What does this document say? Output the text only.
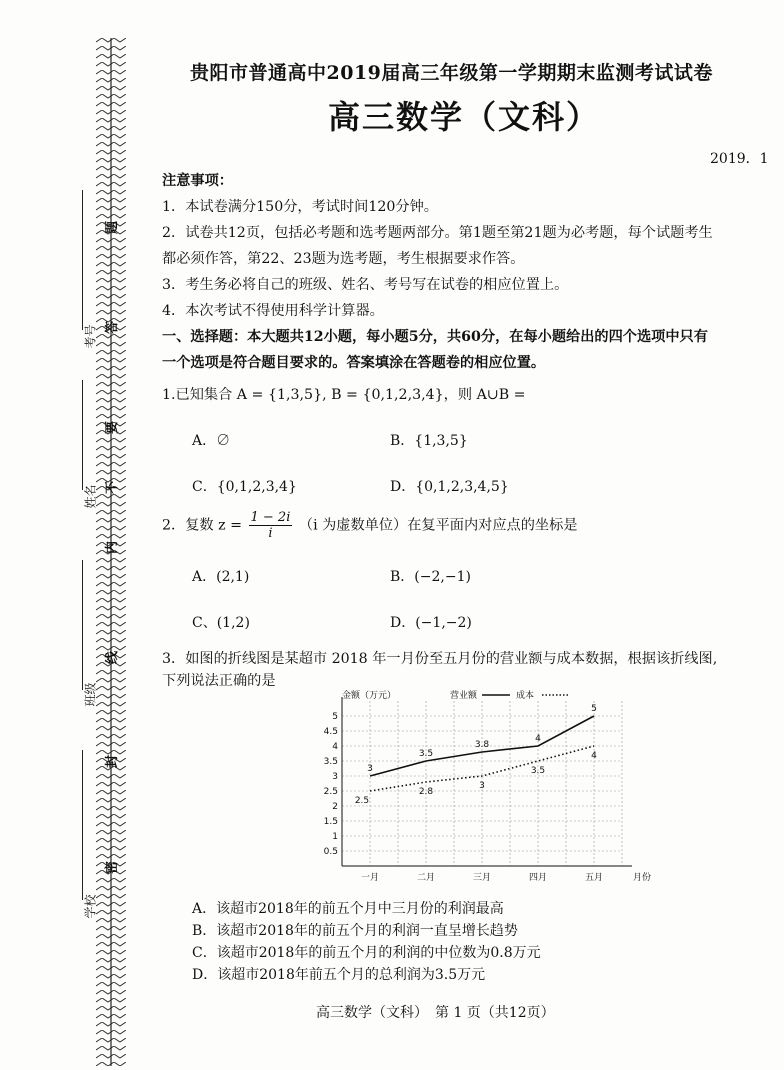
考号
姓名
班级
学校
题
答
要
不
内
线
封
密
贵阳市普通高中2019届高三年级第一学期期末监测考试试卷
高三数学（文科）
2019．1
注意事项：
1．本试卷满分150分，考试时间120分钟。
2．试卷共12页，包括必考题和选考题两部分。第1题至第21题为必考题，每个试题考生
都必须作答，第22、23题为选考题，考生根据要求作答。
3．考生务必将自己的班级、姓名、考号写在试卷的相应位置上。
4．本次考试不得使用科学计算器。
一、选择题：本大题共12小题，每小题5分，共60分，在每小题给出的四个选项中只有
一个选项是符合题目要求的。答案填涂在答题卷的相应位置。
1.已知集合 A = {1,3,5}, B = {0,1,2,3,4}，则 A∪B =
A．∅	B．{1,3,5}
C．{0,1,2,3,4}	D．{0,1,2,3,4,5}
2．复数 $z = \frac{1 - 2i}{i} (i$ 为虚数单位）在复平面内对应点的坐标是
A．(2,1)	B．(−2,−1)
C、(1,2)	D．(−1,−2)
3．如图的折线图是某超市 2018 年一月份至五月份的营业额与成本数据，根据该折线图,
下列说法正确的是
0.5
1
1.5
2
2.5
3
3.5
4
4.5
5
一月	二月	三月	四月	五月	月份
金额（万元）	营业额	成本
3
3.5
3.8
4
5
2.5
2.8
3
3.5
4
A．该超市2018年的前五个月中三月份的利润最高
B．该超市2018年的前五个月的利润一直呈增长趋势
C．该超市2018年的前五个月的利润的中位数为0.8万元
D．该超市2018年前五个月的总利润为3.5万元
高三数学（文科）　第 1 页（共12页）
